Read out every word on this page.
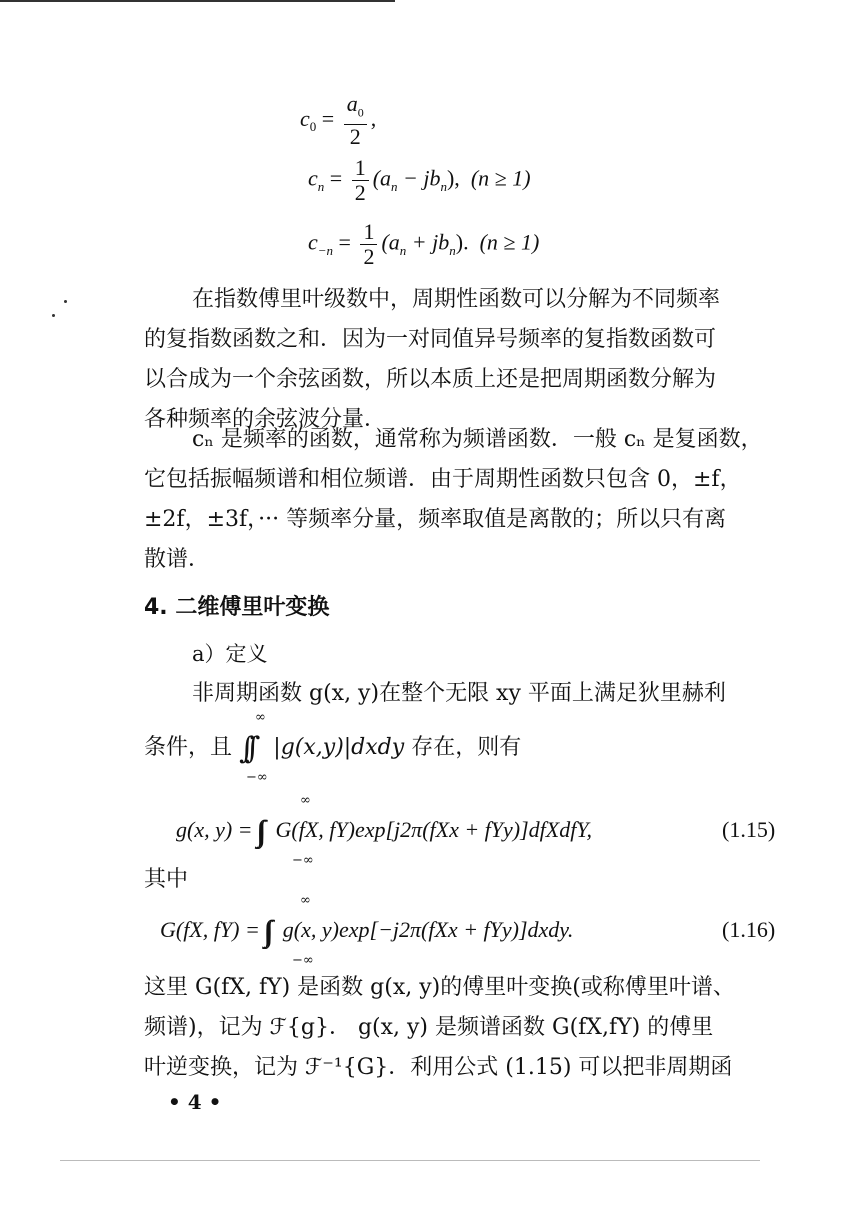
$c_0 = \frac{a_0}{2}$ ,
$c_n = \frac{1}{2} (a_n - jb_n)$, (n ≥ 1)
$c_{-n} = \frac{1}{2} (a_n + jb_n)$. (n ≥ 1)
在指数傅里叶级数中，周期性函数可以分解为不同频率
的复指数函数之和．因为一对同值异号频率的复指数函数可
以合成为一个余弦函数，所以本质上还是把周期函数分解为
各种频率的余弦波分量．
cₙ 是频率的函数，通常称为频谱函数．一般 cₙ 是复函数，
它包括振幅频谱和相位频谱．由于周期性函数只包含 0，±f，
±2f，±3f，··· 等频率分量，频率取值是离散的；所以只有离
散谱．
4. 二维傅里叶变换
a）定义
非周期函数 g(x, y)在整个无限 xy 平面上满足狄里赫利
条件，且 ∫∫ |g(x,y)|dxdy 存在，则有
∞
−∞
g(x, y) = G(fX, fY)exp[j2π(fXx + fYy)]dfXdfY,
∞
−∞
(1.15)
其中
G(fX, fY) = g(x, y)exp[−j2π(fXx + fYy)]dxdy.
∞
−∞
(1.16)
这里 G(fX, fY) 是函数 g(x, y)的傅里叶变换(或称傅里叶谱、
频谱)，记为 ℱ{g}． g(x, y) 是频谱函数 G(fX,fY) 的傅里
叶逆变换，记为 ℱ⁻¹{G}．利用公式 (1.15) 可以把非周期函
• 4 •
